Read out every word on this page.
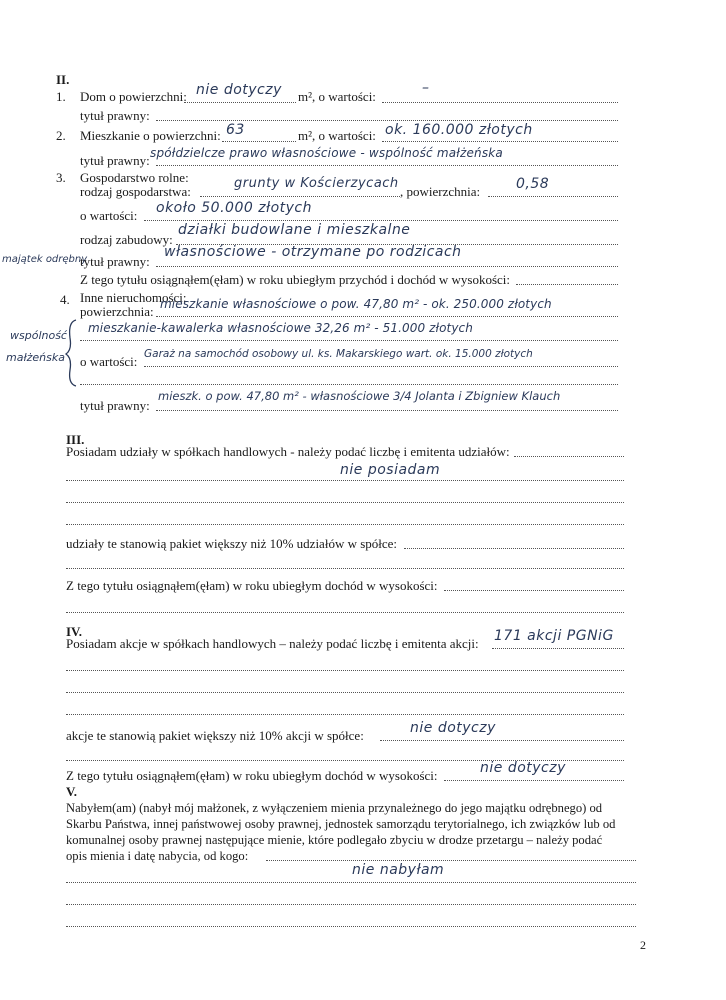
II.
1. Dom o powierzchni: nie dotyczy m², o wartości:
–
tytuł prawny:
2. Mieszkanie o powierzchni: 63	m², o wartości: ok. 160.000 złotych
tytuł prawny: spółdzielcze prawo własnościowe - wspólność małżeńska
3. Gospodarstwo rolne:
rodzaj gospodarstwa:
grunty w Kościerzycach
, powierzchnia:	0,58
o wartości: około 50.000 złotych
rodzaj zabudowy:
działki budowlane i mieszkalne
majątek odrębny
tytuł prawny:
własnościowe - otrzymane po rodzicach
Z tego tytułu osiągnąłem(ęłam) w roku ubiegłym przychód i dochód w wysokości:
4. Inne nieruchomości:
powierzchnia: mieszkanie własnościowe o pow. 47,80 m² - ok. 250.000 złotych
mieszkanie-kawalerka własnościowe 32,26 m² - 51.000 złotych
wspólność
małżeńska o wartości: Garaż na samochód osobowy ul. ks. Makarskiego wart. ok. 15.000 złotych
tytuł prawny:
mieszk. o pow. 47,80 m² - własnościowe 3/4 Jolanta i Zbigniew Klauch
III.
Posiadam udziały w spółkach handlowych - należy podać liczbę i emitenta udziałów:
nie posiadam
udziały te stanowią pakiet większy niż 10% udziałów w spółce:
Z tego tytułu osiągnąłem(ęłam) w roku ubiegłym dochód w wysokości:
IV.
Posiadam akcje w spółkach handlowych – należy podać liczbę i emitenta akcji: 171 akcji PGNiG
akcje te stanowią pakiet większy niż 10% akcji w spółce:	nie dotyczy
Z tego tytułu osiągnąłem(ęłam) w roku ubiegłym dochód w wysokości:	nie dotyczy
V.
Nabyłem(am) (nabył mój małżonek, z wyłączeniem mienia przynależnego do jego majątku odrębnego) od
Skarbu Państwa, innej państwowej osoby prawnej, jednostek samorządu terytorialnego, ich związków lub od
komunalnej osoby prawnej następujące mienie, które podlegało zbyciu w drodze przetargu – należy podać
opis mienia i datę nabycia, od kogo:
nie nabyłam
2
